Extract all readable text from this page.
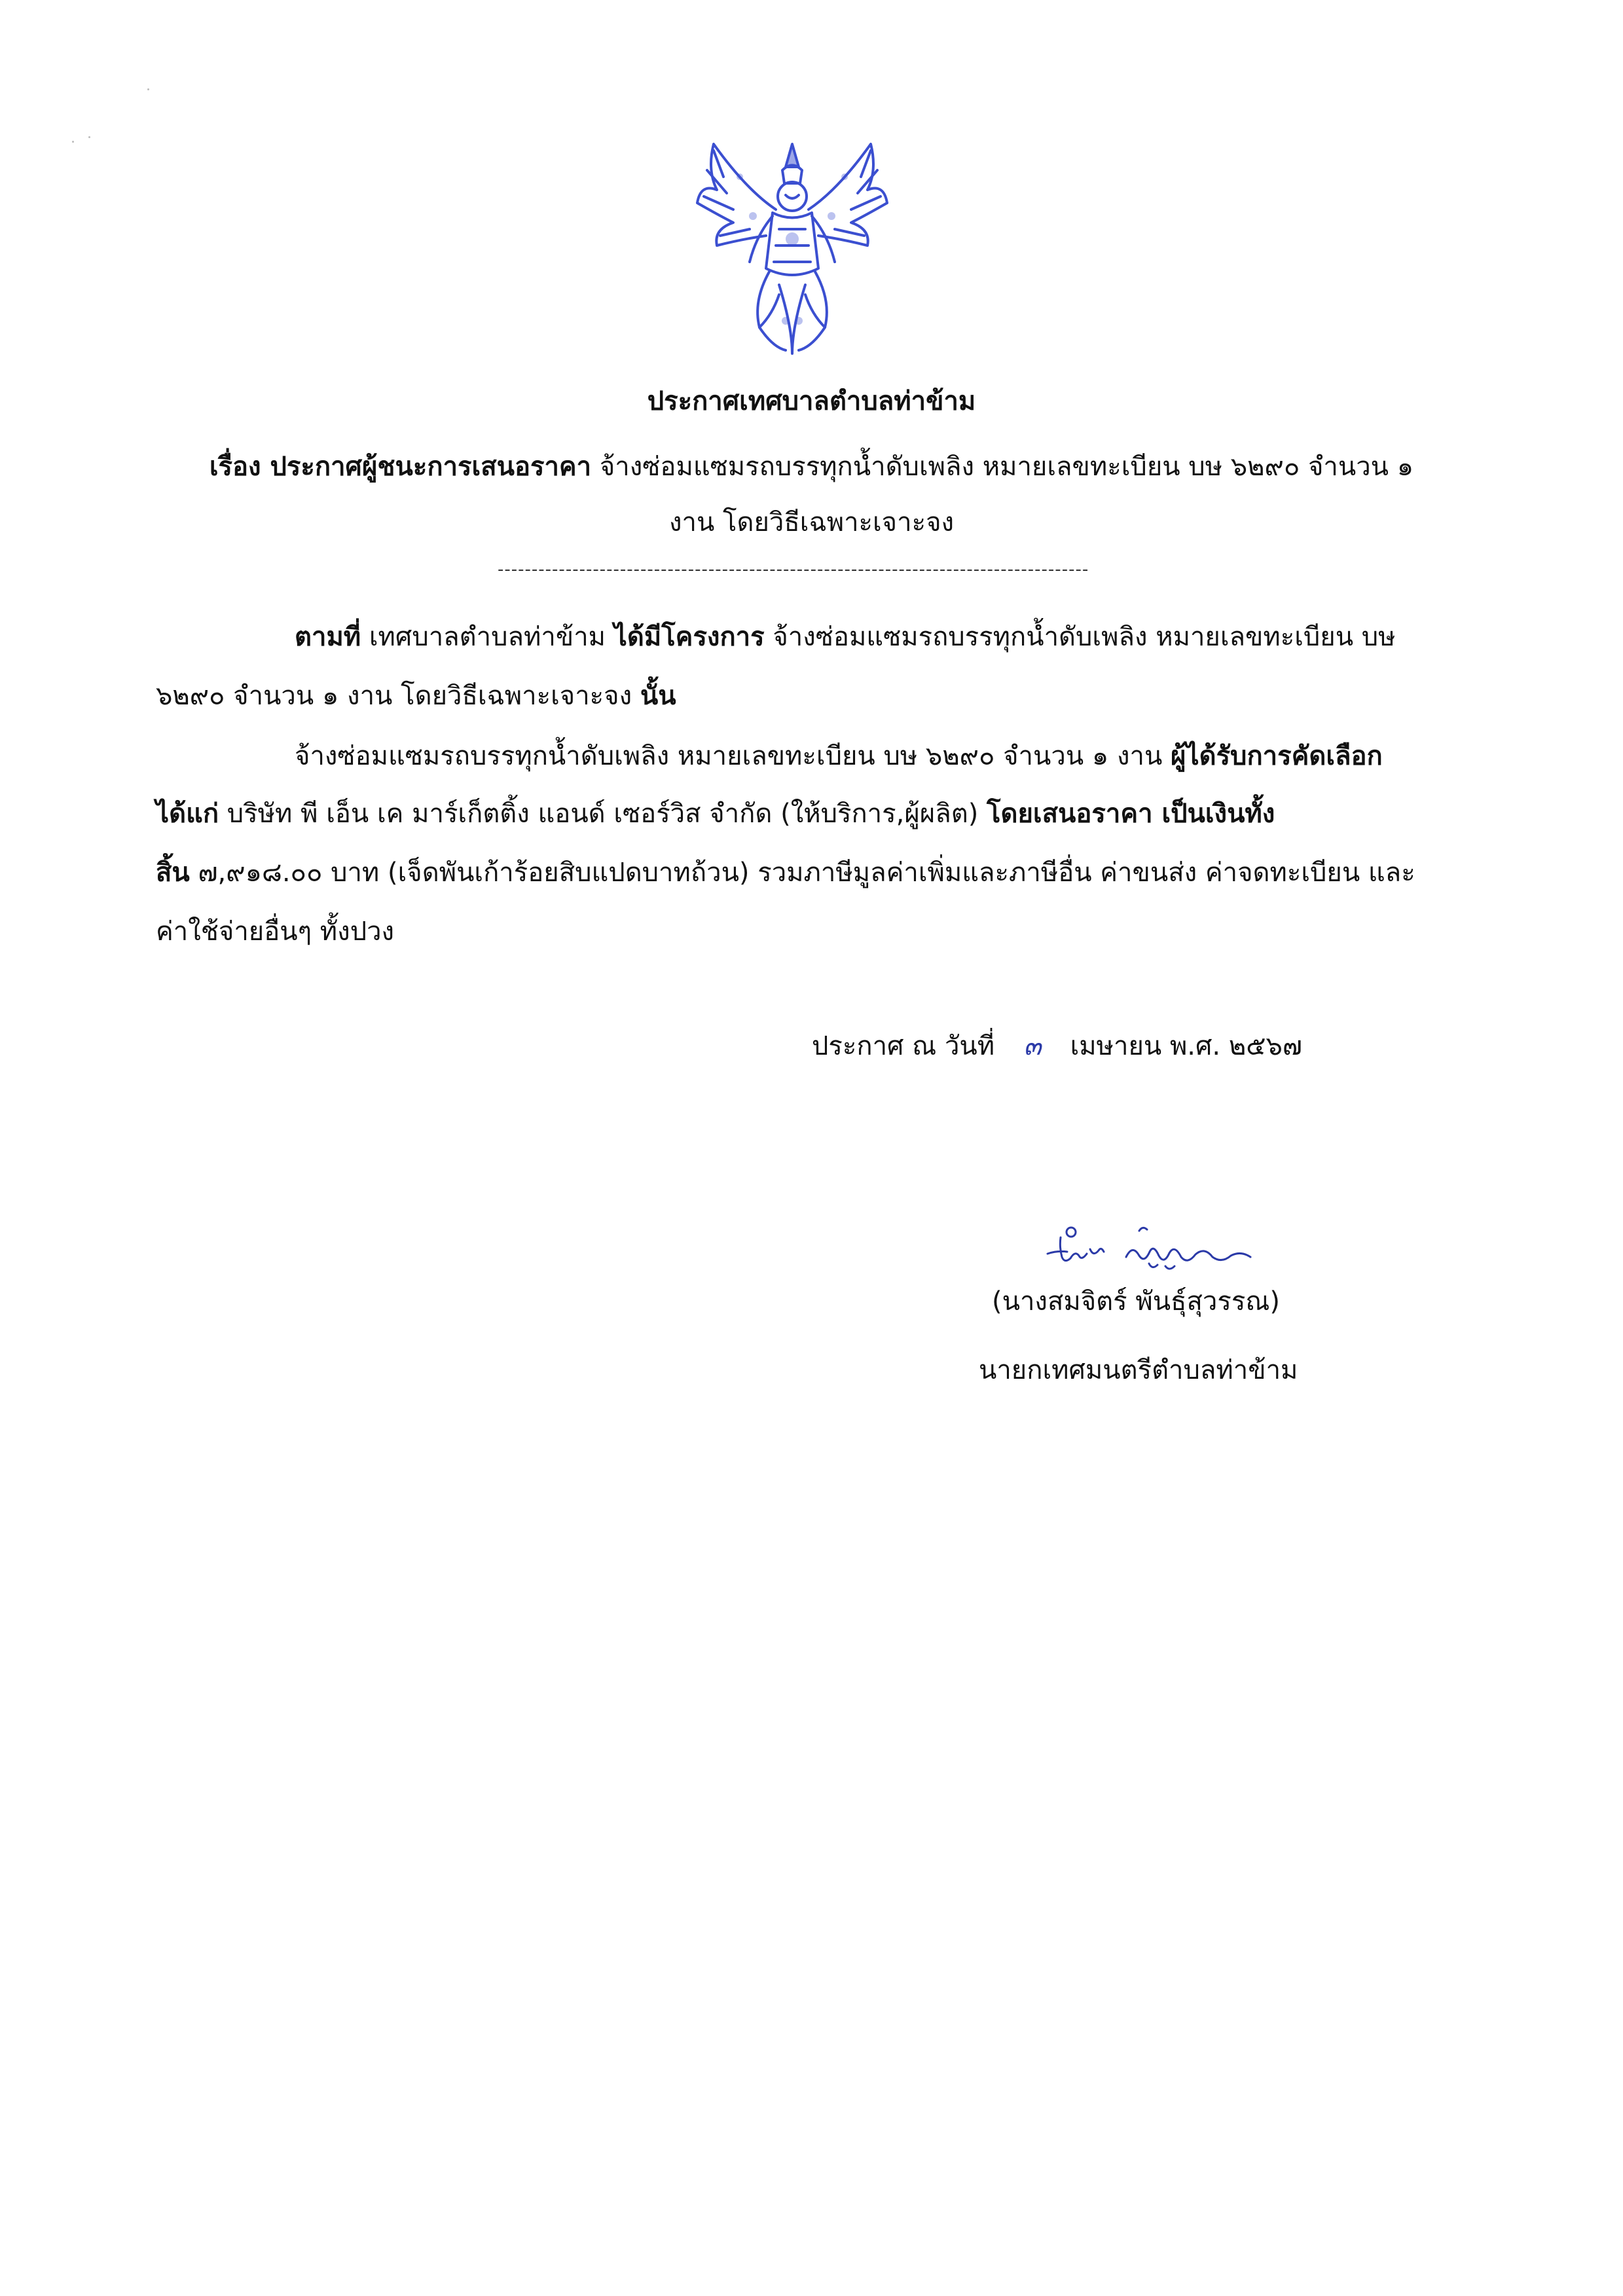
ประกาศเทศบาลตำบลท่าข้าม
เรื่อง ประกาศผู้ชนะการเสนอราคา จ้างซ่อมแซมรถบรรทุกน้ำดับเพลิง หมายเลขทะเบียน บษ ๖๒๙๐ จำนวน ๑
งาน โดยวิธีเฉพาะเจาะจง
---------------------------------------------------------------------------------------
ตามที่ เทศบาลตำบลท่าข้าม ได้มีโครงการ จ้างซ่อมแซมรถบรรทุกน้ำดับเพลิง หมายเลขทะเบียน บษ
๖๒๙๐ จำนวน ๑ งาน โดยวิธีเฉพาะเจาะจง นั้น
จ้างซ่อมแซมรถบรรทุกน้ำดับเพลิง หมายเลขทะเบียน บษ ๖๒๙๐ จำนวน ๑ งาน ผู้ได้รับการคัดเลือก
ได้แก่ บริษัท พี เอ็น เค มาร์เก็ตติ้ง แอนด์ เซอร์วิส จำกัด (ให้บริการ,ผู้ผลิต) โดยเสนอราคา เป็นเงินทั้ง
สิ้น ๗,๙๑๘.๐๐ บาท (เจ็ดพันเก้าร้อยสิบแปดบาทถ้วน) รวมภาษีมูลค่าเพิ่มและภาษีอื่น ค่าขนส่ง ค่าจดทะเบียน และ
ค่าใช้จ่ายอื่นๆ ทั้งปวง
ประกาศ ณ วันที่ ๓ เมษายน พ.ศ. ๒๕๖๗
(นางสมจิตร์ พันธุ์สุวรรณ)
นายกเทศมนตรีตำบลท่าข้าม
